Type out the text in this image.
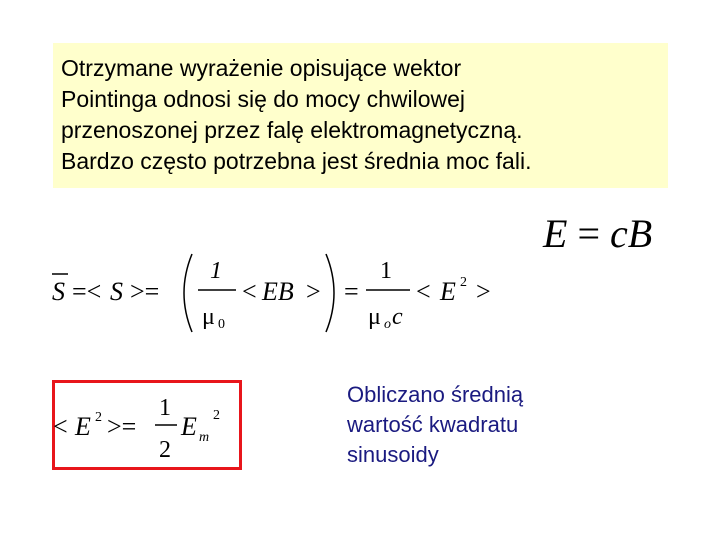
Otrzymane wyrażenie opisujące wektor
Pointinga odnosi się do mocy chwilowej
przenoszonej przez falę elektromagnetyczną.
Bardzo często potrzebna jest średnia moc fali.
E = cB
S =< S >=
1
μ 0
< EB > =
1
μ o c
< E 2 >
< E 2 >=
1
2
E m
2
Obliczano średnią
wartość kwadratu
sinusoidy
